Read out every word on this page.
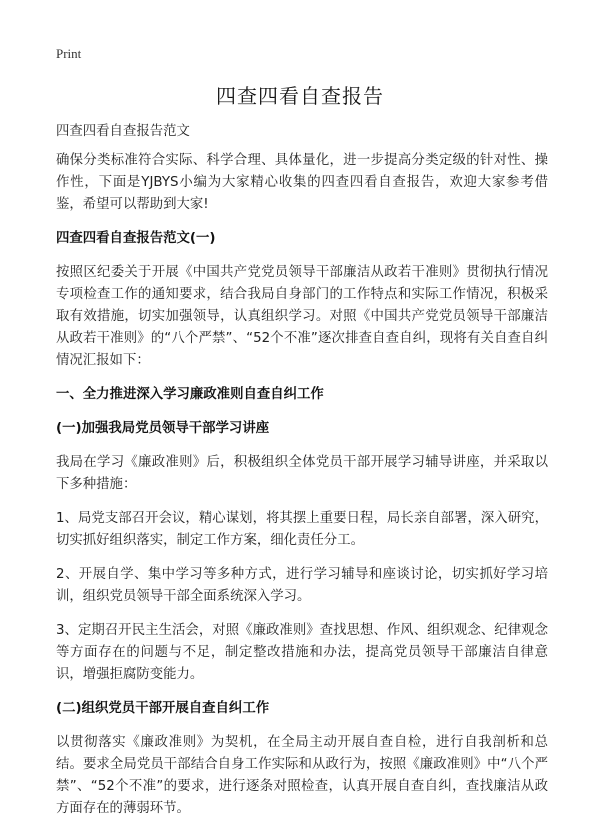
Print
四查四看自查报告

四查四看自查报告范文

确保分类标准符合实际、科学合理、具体量化，进一步提高分类定级的针对性、操作性，下面是YJBYS小编为大家精心收集的四查四看自查报告，欢迎大家参考借鉴，希望可以帮助到大家!

四查四看自查报告范文(一)

按照区纪委关于开展《中国共产党党员领导干部廉洁从政若干准则》贯彻执行情况专项检查工作的通知要求，结合我局自身部门的工作特点和实际工作情况，积极采取有效措施，切实加强领导，认真组织学习。对照《中国共产党党员领导干部廉洁从政若干准则》的“八个严禁”、“52个不准”逐次排查自查自纠，现将有关自查自纠情况汇报如下：

一、全力推进深入学习廉政准则自查自纠工作

(一)加强我局党员领导干部学习讲座

我局在学习《廉政准则》后，积极组织全体党员干部开展学习辅导讲座，并采取以下多种措施：

1、局党支部召开会议，精心谋划，将其摆上重要日程，局长亲自部署，深入研究，切实抓好组织落实，制定工作方案，细化责任分工。

2、开展自学、集中学习等多种方式，进行学习辅导和座谈讨论，切实抓好学习培训，组织党员领导干部全面系统深入学习。

3、定期召开民主生活会，对照《廉政准则》查找思想、作风、组织观念、纪律观念等方面存在的问题与不足，制定整改措施和办法，提高党员领导干部廉洁自律意识，增强拒腐防变能力。

(二)组织党员干部开展自查自纠工作

以贯彻落实《廉政准则》为契机，在全局主动开展自查自检，进行自我剖析和总结。要求全局党员干部结合自身工作实际和从政行为，按照《廉政准则》中“八个严禁”、“52个不准”的要求，进行逐条对照检查，认真开展自查自纠，查找廉洁从政方面存在的薄弱环节。
